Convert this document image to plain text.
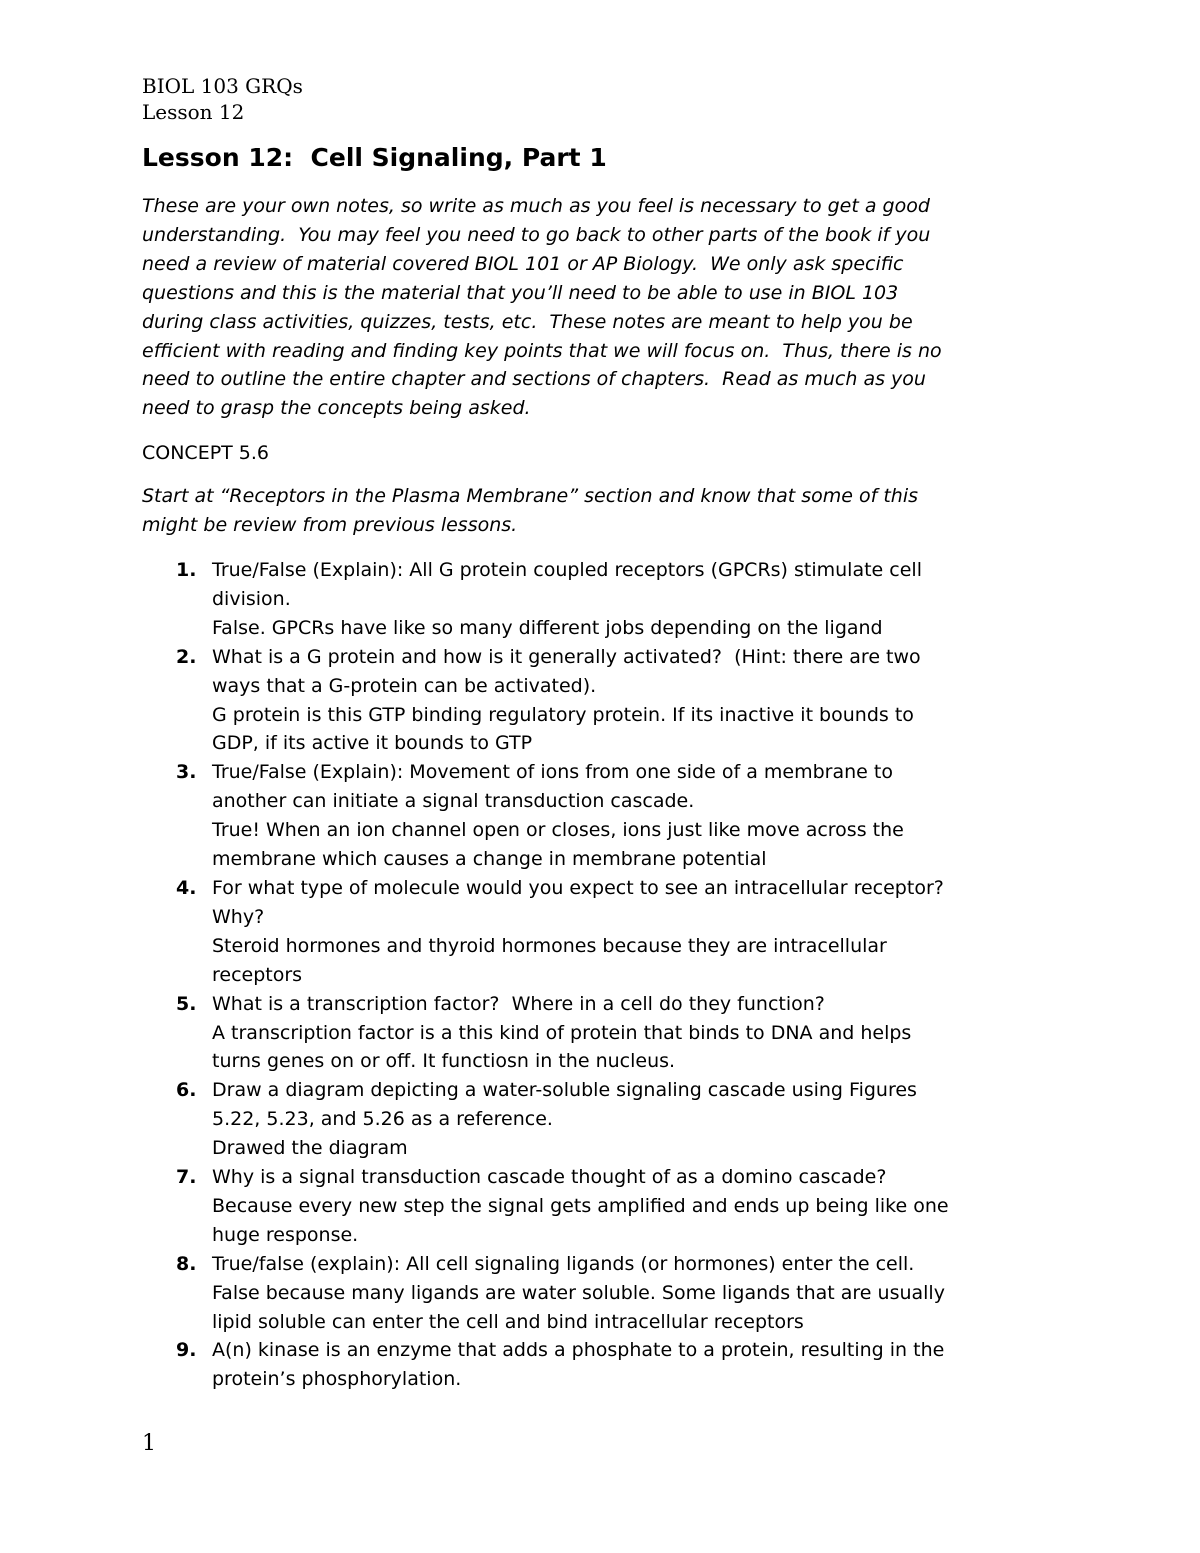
BIOL 103 GRQs

Lesson 12

Lesson 12:  Cell Signaling, Part 1
These are your own notes, so write as much as you feel is necessary to get a good
understanding.  You may feel you need to go back to other parts of the book if you
need a review of material covered BIOL 101 or AP Biology.  We only ask specific
questions and this is the material that you’ll need to be able to use in BIOL 103
during class activities, quizzes, tests, etc.  These notes are meant to help you be
efficient with reading and finding key points that we will focus on.  Thus, there is no
need to outline the entire chapter and sections of chapters.  Read as much as you
need to grasp the concepts being asked.

CONCEPT 5.6

Start at “Receptors in the Plasma Membrane” section and know that some of this
might be review from previous lessons.
1. True/False (Explain): All G protein coupled receptors (GPCRs) stimulate cell
division.
False. GPCRs have like so many different jobs depending on the ligand
2. What is a G protein and how is it generally activated?  (Hint: there are two
ways that a G-protein can be activated).
G protein is this GTP binding regulatory protein. If its inactive it bounds to
GDP, if its active it bounds to GTP
3. True/False (Explain): Movement of ions from one side of a membrane to
another can initiate a signal transduction cascade.
True! When an ion channel open or closes, ions just like move across the
membrane which causes a change in membrane potential
4. For what type of molecule would you expect to see an intracellular receptor?
Why?
Steroid hormones and thyroid hormones because they are intracellular
receptors
5. What is a transcription factor?  Where in a cell do they function?
A transcription factor is a this kind of protein that binds to DNA and helps
turns genes on or off. It functiosn in the nucleus.
6. Draw a diagram depicting a water-soluble signaling cascade using Figures
5.22, 5.23, and 5.26 as a reference.
Drawed the diagram
7. Why is a signal transduction cascade thought of as a domino cascade?
Because every new step the signal gets amplified and ends up being like one
huge response.
8. True/false (explain): All cell signaling ligands (or hormones) enter the cell.
False because many ligands are water soluble. Some ligands that are usually
lipid soluble can enter the cell and bind intracellular receptors
9. A(n) kinase is an enzyme that adds a phosphate to a protein, resulting in the
protein’s phosphorylation.

1
